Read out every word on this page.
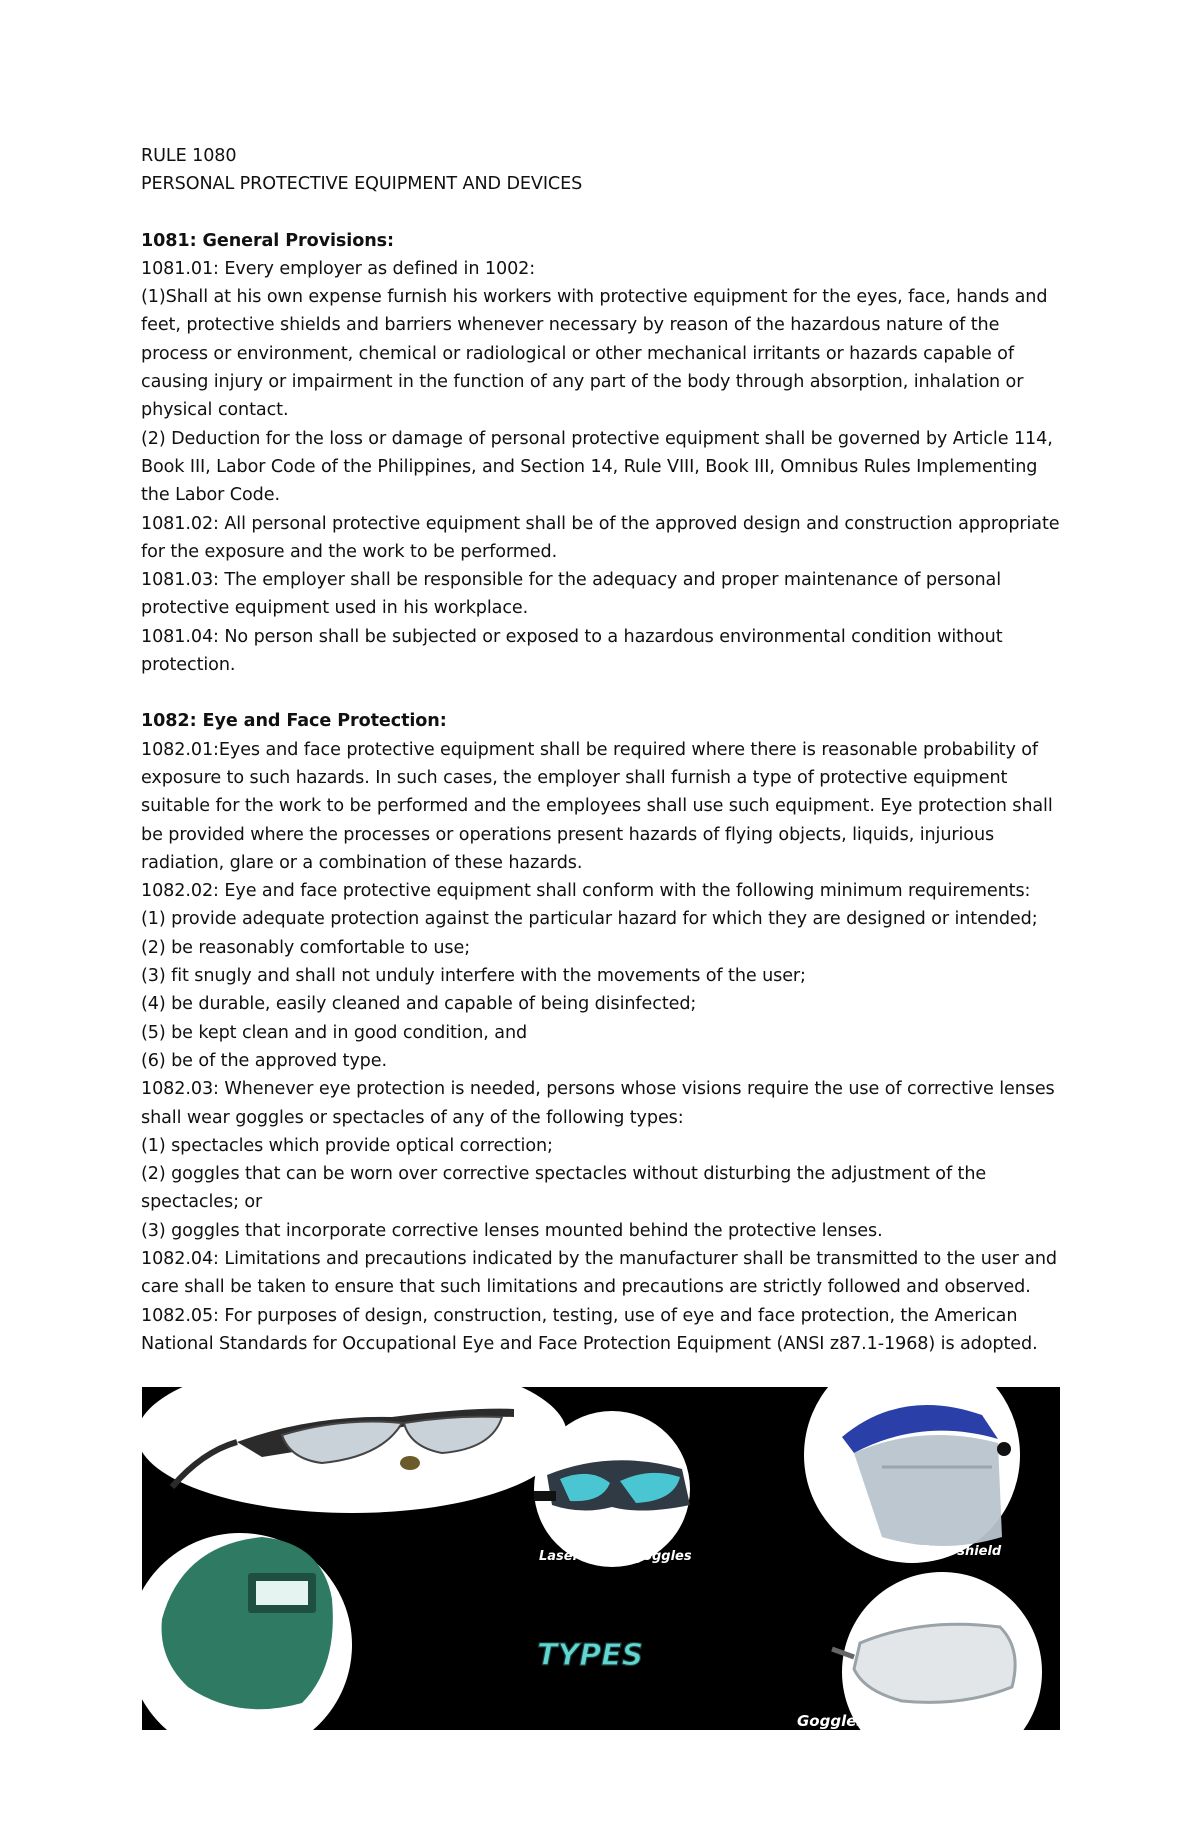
RULE 1080

PERSONAL PROTECTIVE EQUIPMENT AND DEVICES

1081: General Provisions:

1081.01: Every employer as defined in 1002:

(1)Shall at his own expense furnish his workers with protective equipment for the eyes, face, hands and feet, protective shields and barriers whenever necessary by reason of the hazardous nature of the process or environment, chemical or radiological or other mechanical irritants or hazards capable of causing injury or impairment in the function of any part of the body through absorption, inhalation or physical contact.

(2) Deduction for the loss or damage of personal protective equipment shall be governed by Article 114, Book III, Labor Code of the Philippines, and Section 14, Rule VIII, Book III, Omnibus Rules Implementing the Labor Code.

1081.02: All personal protective equipment shall be of the approved design and construction appropriate for the exposure and the work to be performed.

1081.03: The employer shall be responsible for the adequacy and proper maintenance of personal protective equipment used in his workplace.

1081.04: No person shall be subjected or exposed to a hazardous environmental condition without protection.

1082: Eye and Face Protection:

1082.01:Eyes and face protective equipment shall be required where there is reasonable probability of exposure to such hazards. In such cases, the employer shall furnish a type of protective equipment suitable for the work to be performed and the employees shall use such equipment. Eye protection shall be provided where the processes or operations present hazards of flying objects, liquids, injurious radiation, glare or a combination of these hazards.

1082.02: Eye and face protective equipment shall conform with the following minimum requirements:

(1) provide adequate protection against the particular hazard for which they are designed or intended;

(2) be reasonably comfortable to use;

(3) fit snugly and shall not unduly interfere with the movements of the user;

(4) be durable, easily cleaned and capable of being disinfected;

(5) be kept clean and in good condition, and

(6) be of the approved type.

1082.03: Whenever eye protection is needed, persons whose visions require the use of corrective lenses shall wear goggles or spectacles of any of the following types:

(1) spectacles which provide optical correction;

(2) goggles that can be worn over corrective spectacles without disturbing the adjustment of the spectacles; or

(3) goggles that incorporate corrective lenses mounted behind the protective lenses.

1082.04: Limitations and precautions indicated by the manufacturer shall be transmitted to the user and care shall be taken to ensure that such limitations and precautions are strictly followed and observed.

1082.05: For purposes of design, construction, testing, use of eye and face protection, the American National Standards for Occupational Eye and Face Protection Equipment (ANSI z87.1-1968) is adopted.

Safety spectacles
Laser safety goggles	Face shield
welding shield
TYPES
Goggles
